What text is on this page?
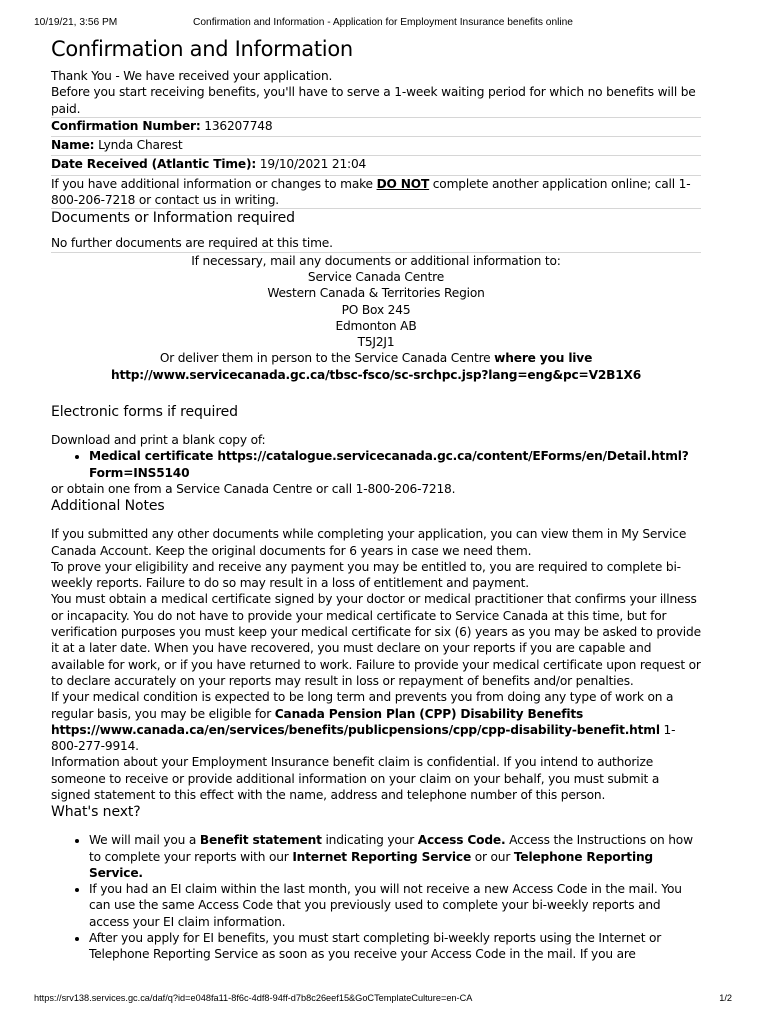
10/19/21, 3:56 PM	Confirmation and Information - Application for Employment Insurance benefits online
Confirmation and Information

Thank You - We have received your application.

Before you start receiving benefits, you'll have to serve a 1-week waiting period for which no benefits will be paid.

Confirmation Number: 136207748

Name: Lynda Charest

Date Received (Atlantic Time): 19/10/2021 21:04

If you have additional information or changes to make DO NOT complete another application online; call 1-800-206-7218 or contact us in writing.

Documents or Information required

No further documents are required at this time.

If necessary, mail any documents or additional information to:

Service Canada Centre

Western Canada & Territories Region

PO Box 245

Edmonton AB

T5J2J1

Or deliver them in person to the Service Canada Centre where you live

http://www.servicecanada.gc.ca/tbsc-fsco/sc-srchpc.jsp?lang=eng&pc=V2B1X6

Electronic forms if required

Download and print a blank copy of:

• Medical certificate https://catalogue.servicecanada.gc.ca/content/EForms/en/Detail.html?Form=INS5140

or obtain one from a Service Canada Centre or call 1-800-206-7218.

Additional Notes

If you submitted any other documents while completing your application, you can view them in My Service Canada Account. Keep the original documents for 6 years in case we need them.

To prove your eligibility and receive any payment you may be entitled to, you are required to complete bi-weekly reports. Failure to do so may result in a loss of entitlement and payment.

You must obtain a medical certificate signed by your doctor or medical practitioner that confirms your illness or incapacity. You do not have to provide your medical certificate to Service Canada at this time, but for verification purposes you must keep your medical certificate for six (6) years as you may be asked to provide it at a later date. When you have recovered, you must declare on your reports if you are capable and available for work, or if you have returned to work. Failure to provide your medical certificate upon request or to declare accurately on your reports may result in loss or repayment of benefits and/or penalties.

If your medical condition is expected to be long term and prevents you from doing any type of work on a regular basis, you may be eligible for Canada Pension Plan (CPP) Disability Benefits https://www.canada.ca/en/services/benefits/publicpensions/cpp/cpp-disability-benefit.html 1-800-277-9914.

Information about your Employment Insurance benefit claim is confidential. If you intend to authorize someone to receive or provide additional information on your claim on your behalf, you must submit a signed statement to this effect with the name, address and telephone number of this person.

What's next?
• We will mail you a Benefit statement indicating your Access Code. Access the Instructions on how to complete your reports with our Internet Reporting Service or our Telephone Reporting Service.
• If you had an EI claim within the last month, you will not receive a new Access Code in the mail. You can use the same Access Code that you previously used to complete your bi-weekly reports and access your EI claim information.
• After you apply for EI benefits, you must start completing bi-weekly reports using the Internet or Telephone Reporting Service as soon as you receive your Access Code in the mail. If you are
https://srv138.services.gc.ca/daf/q?id=e048fa11-8f6c-4df8-94ff-d7b8c26eef15&GoCTemplateCulture=en-CA	1/2
